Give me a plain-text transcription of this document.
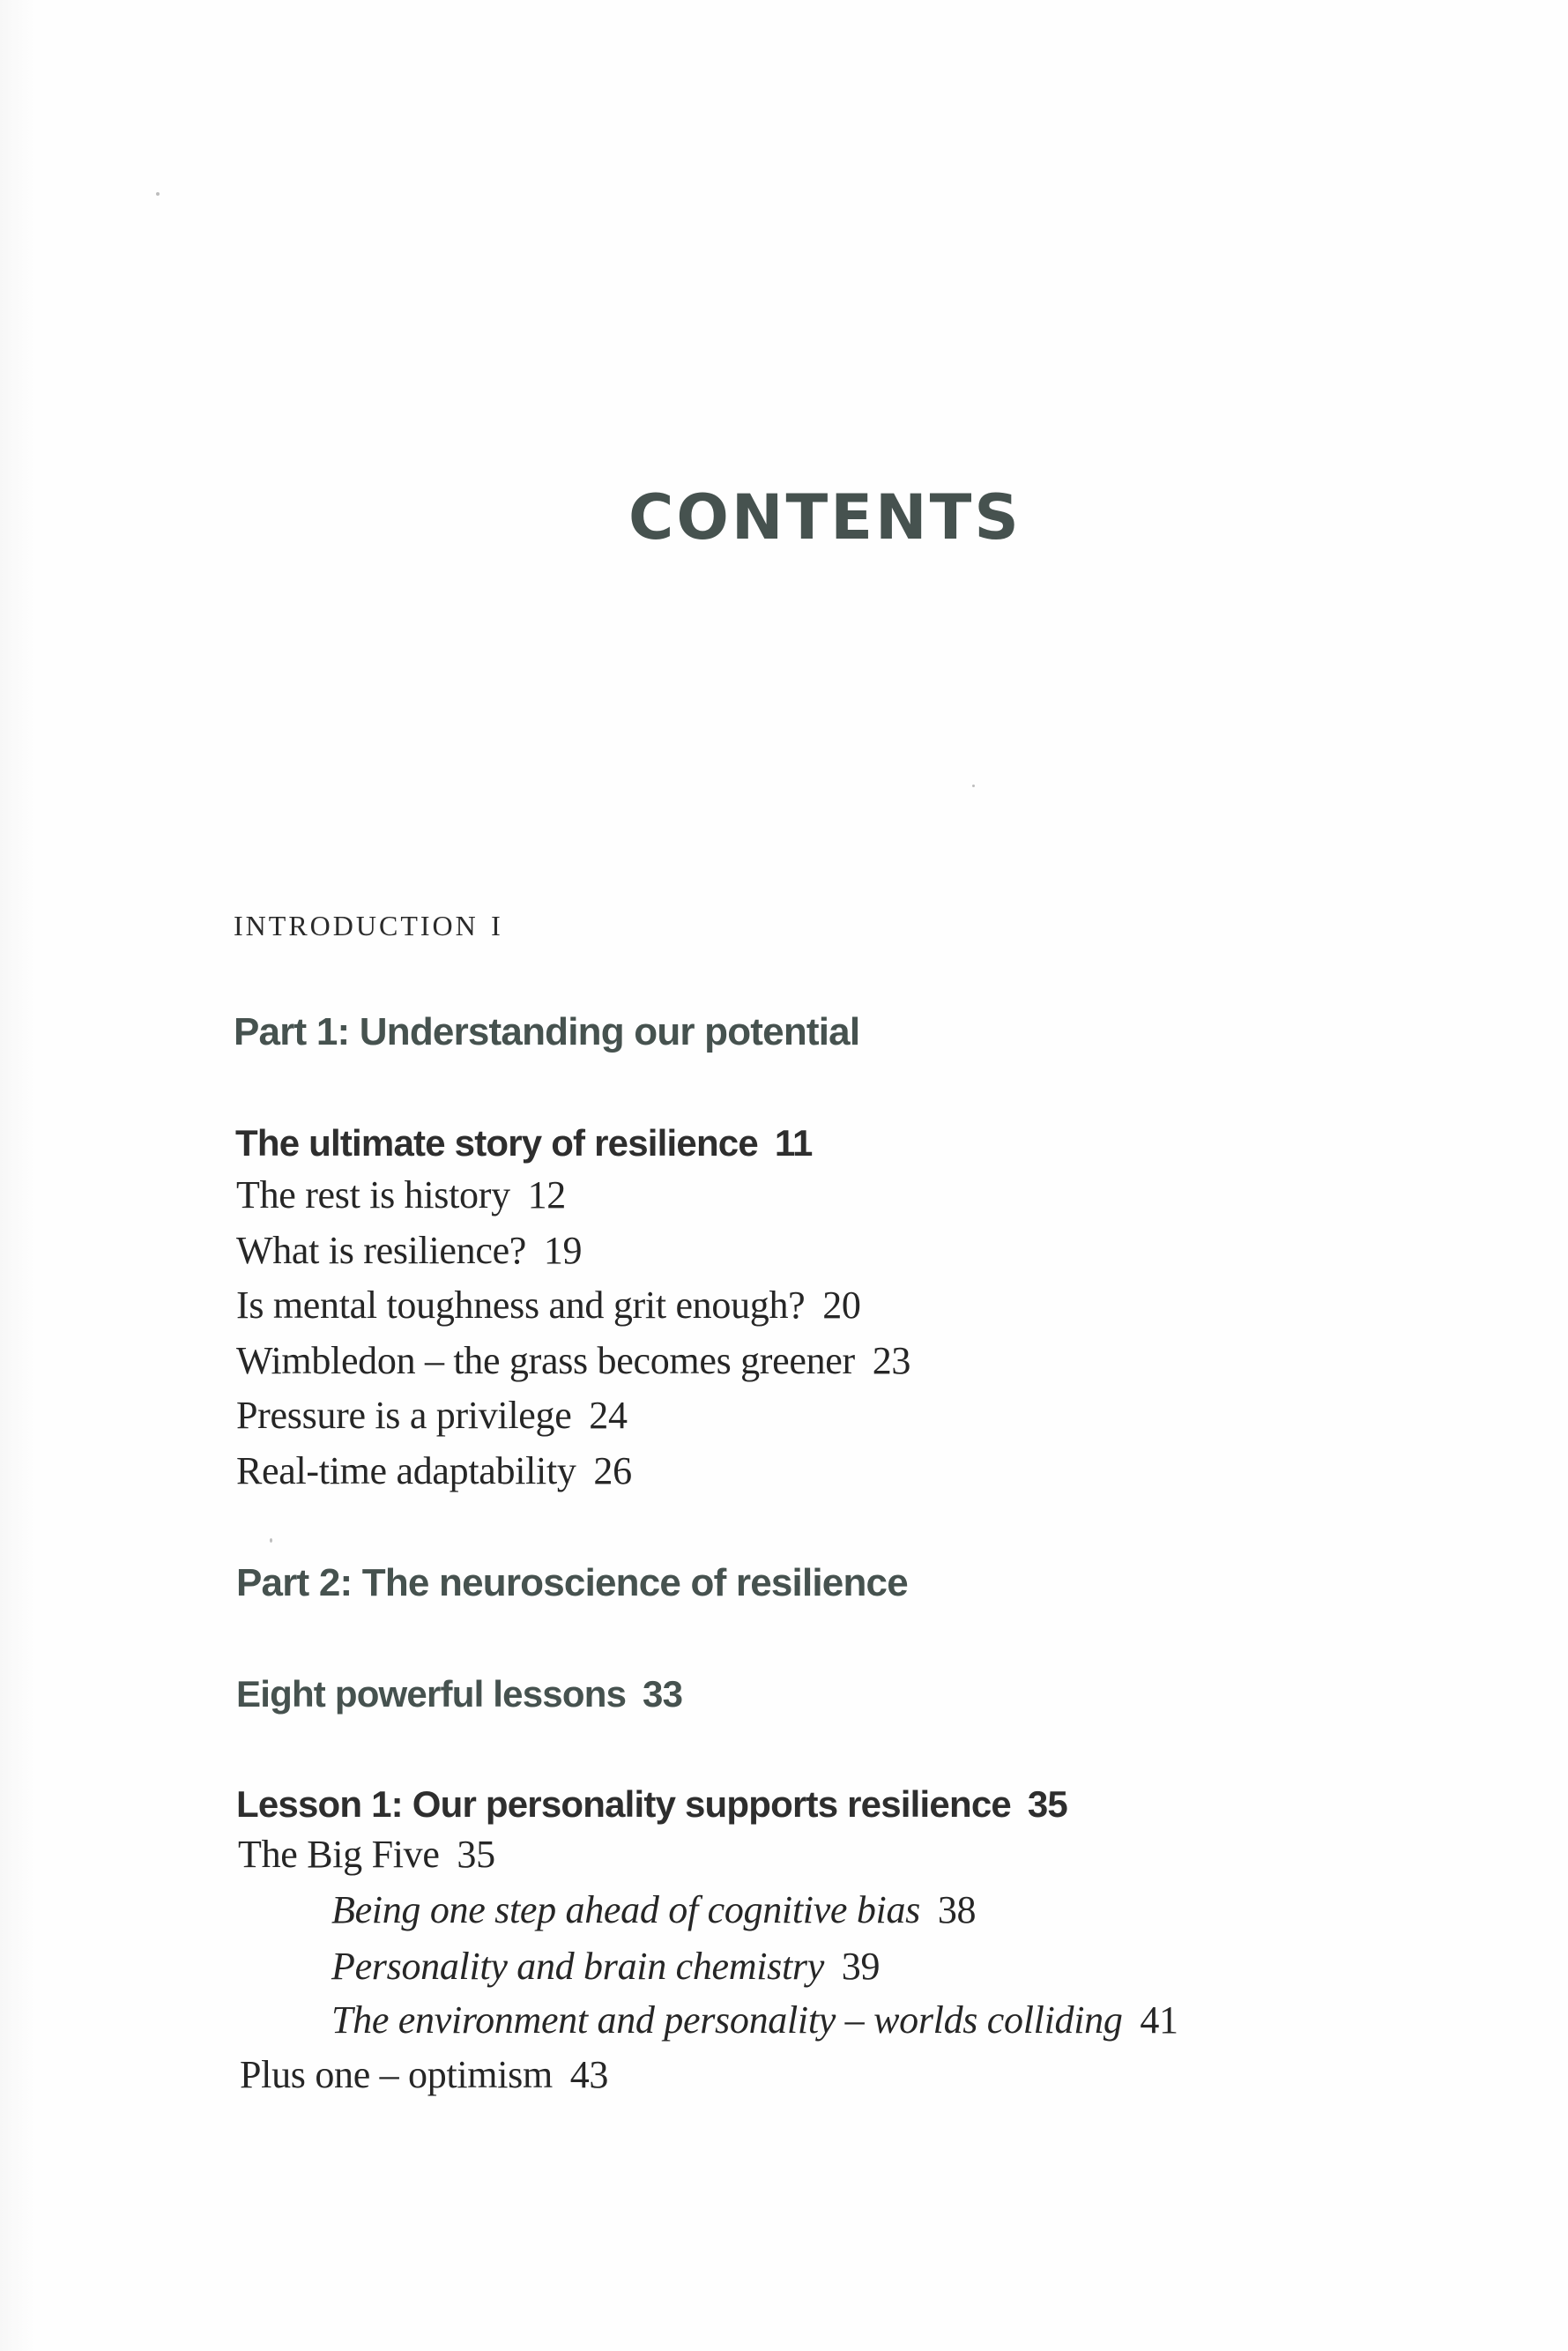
CONTENTS
INTRODUCTION I
Part 1: Understanding our potential
The ultimate story of resilience 11
The rest is history 12
What is resilience? 19
Is mental toughness and grit enough? 20
Wimbledon – the grass becomes greener 23
Pressure is a privilege 24
Real-time adaptability 26
Part 2: The neuroscience of resilience
Eight powerful lessons 33
Lesson 1: Our personality supports resilience 35
The Big Five 35
Being one step ahead of cognitive bias 38
Personality and brain chemistry 39
The environment and personality – worlds colliding 41
Plus one – optimism 43
